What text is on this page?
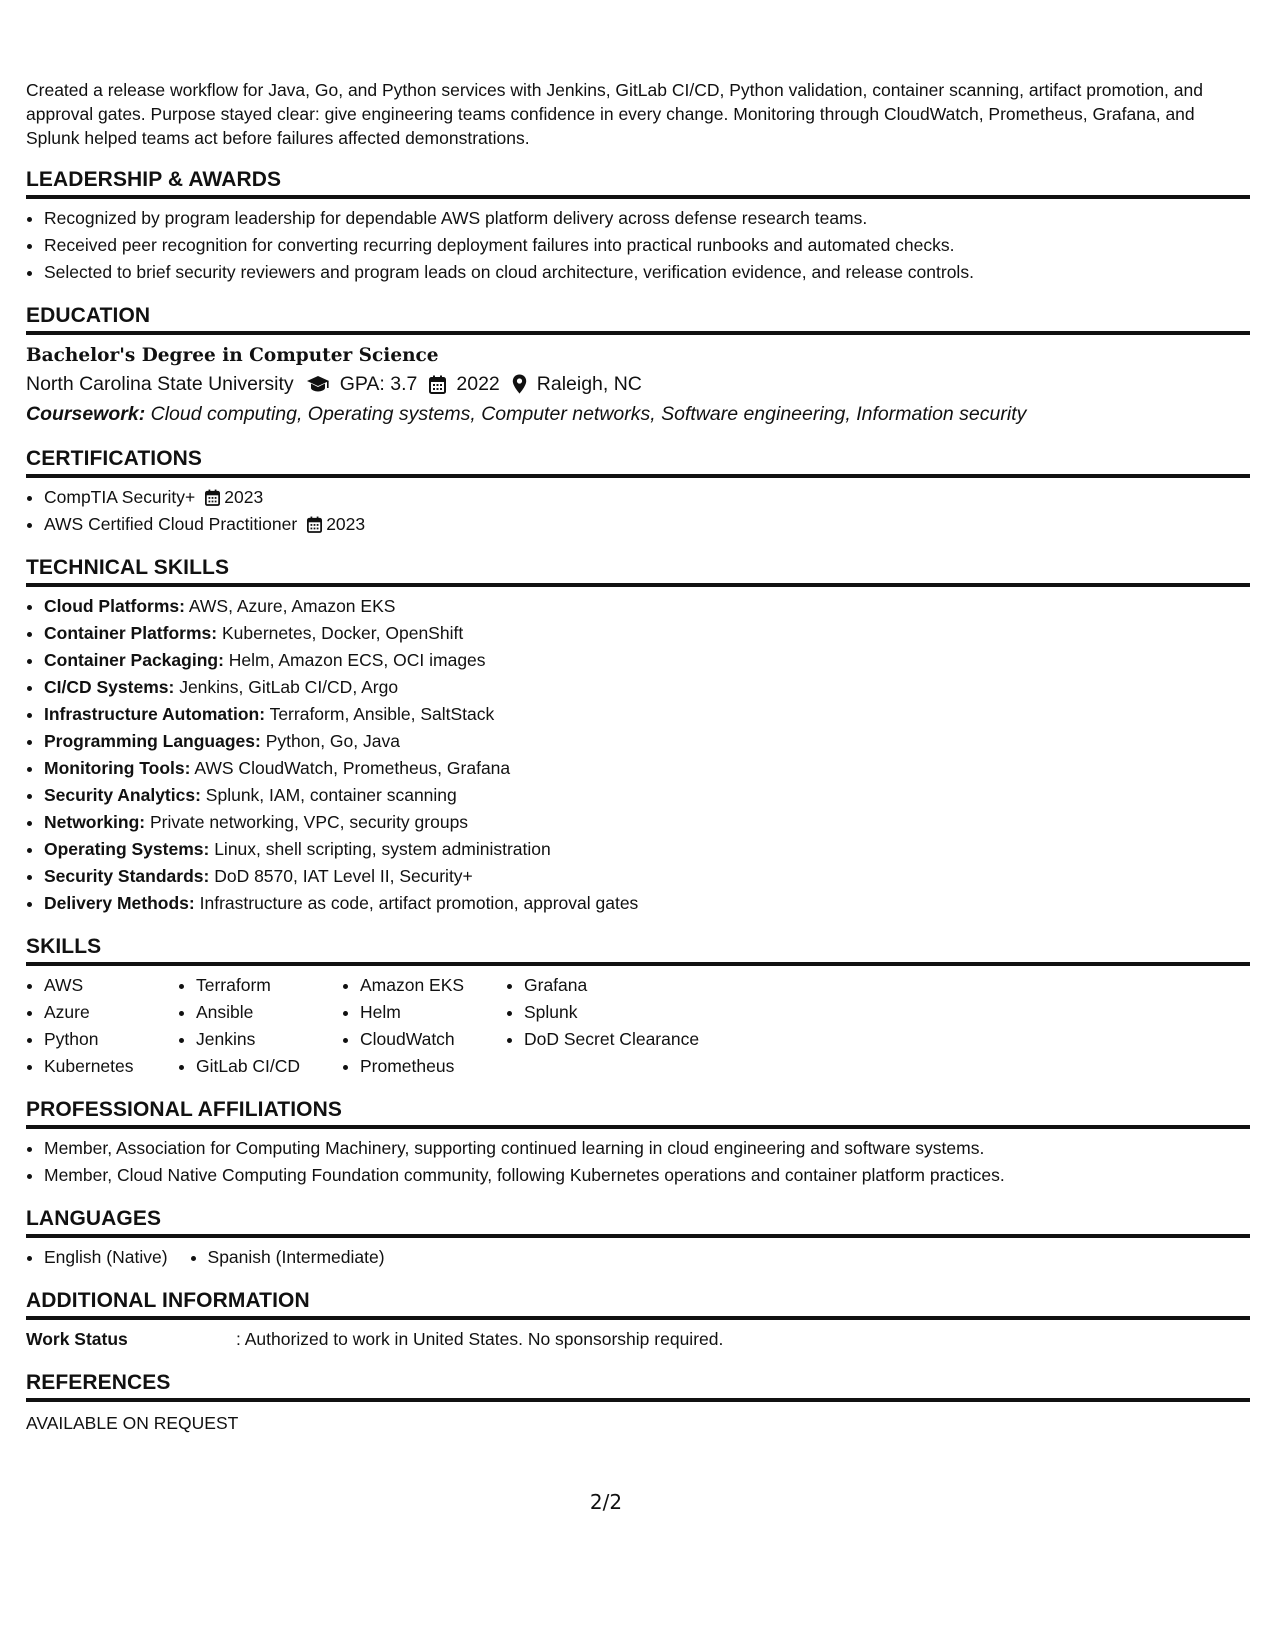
Created a release workflow for Java, Go, and Python services with Jenkins, GitLab CI/CD, Python validation, container scanning, artifact promotion, and approval gates. Purpose stayed clear: give engineering teams confidence in every change. Monitoring through CloudWatch, Prometheus, Grafana, and Splunk helped teams act before failures affected demonstrations.

LEADERSHIP & AWARDS
• Recognized by program leadership for dependable AWS platform delivery across defense research teams.
• Received peer recognition for converting recurring deployment failures into practical runbooks and automated checks.
• Selected to brief security reviewers and program leads on cloud architecture, verification evidence, and release controls.
EDUCATION
Bachelor's Degree in Computer Science
North Carolina State University GPA: 3.7 2022 Raleigh, NC
Coursework: Cloud computing, Operating systems, Computer networks, Software engineering, Information security
CERTIFICATIONS
• CompTIA Security+ 2023
• AWS Certified Cloud Practitioner 2023
TECHNICAL SKILLS
• Cloud Platforms: AWS, Azure, Amazon EKS
• Container Platforms: Kubernetes, Docker, OpenShift
• Container Packaging: Helm, Amazon ECS, OCI images
• CI/CD Systems: Jenkins, GitLab CI/CD, Argo
• Infrastructure Automation: Terraform, Ansible, SaltStack
• Programming Languages: Python, Go, Java
• Monitoring Tools: AWS CloudWatch, Prometheus, Grafana
• Security Analytics: Splunk, IAM, container scanning
• Networking: Private networking, VPC, security groups
• Operating Systems: Linux, shell scripting, system administration
• Security Standards: DoD 8570, IAT Level II, Security+
• Delivery Methods: Infrastructure as code, artifact promotion, approval gates
SKILLS
• AWS
• Azure
• Python
• Kubernetes
• Terraform
• Ansible
• Jenkins
• GitLab CI/CD
• Amazon EKS
• Helm
• CloudWatch
• Prometheus
• Grafana
• Splunk
• DoD Secret Clearance
PROFESSIONAL AFFILIATIONS
• Member, Association for Computing Machinery, supporting continued learning in cloud engineering and software systems.
• Member, Cloud Native Computing Foundation community, following Kubernetes operations and container platform practices.
LANGUAGES
• English (Native)
• Spanish (Intermediate)
ADDITIONAL INFORMATION
Work Status	: Authorized to work in United States. No sponsorship required.
REFERENCES
AVAILABLE ON REQUEST
2/2
